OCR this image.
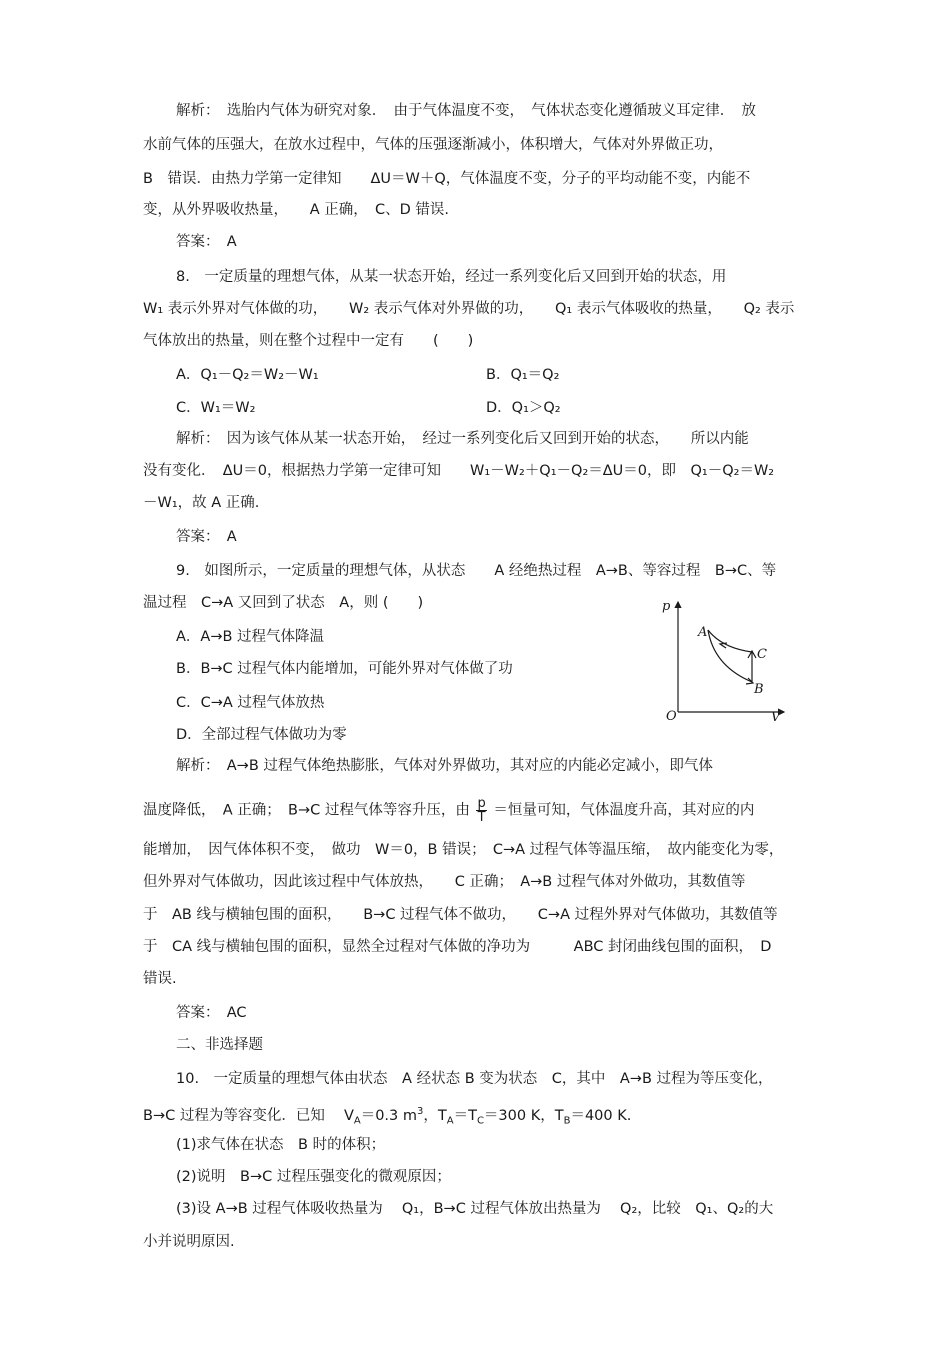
解析：　选胎内气体为研究对象．　由于气体温度不变，　气体状态变化遵循玻义耳定律．　放
水前气体的压强大，在放水过程中，气体的压强逐渐减小，体积增大，气体对外界做正功，
B　错误．由热力学第一定律知　　ΔU＝W＋Q，气体温度不变，分子的平均动能不变，内能不
变，从外界吸收热量，　　A 正确，　C、D 错误.
答案：　A
8.　一定质量的理想气体，从某一状态开始，经过一系列变化后又回到开始的状态，用
W₁ 表示外界对气体做的功，　　W₂ 表示气体对外界做的功，　　Q₁ 表示气体吸收的热量，　　Q₂ 表示
气体放出的热量，则在整个过程中一定有　　(　　)
A．Q₁－Q₂＝W₂－W₁	B．Q₁＝Q₂
C．W₁＝W₂	D．Q₁＞Q₂
解析：　因为该气体从某一状态开始，　经过一系列变化后又回到开始的状态，　　所以内能
没有变化．　ΔU＝0，根据热力学第一定律可知　　W₁－W₂＋Q₁－Q₂＝ΔU＝0，即　Q₁－Q₂＝W₂
－W₁，故 A 正确.
答案：　A
9.　如图所示，一定质量的理想气体，从状态　　A 经绝热过程　A→B、等容过程　B→C、等
温过程　C→A 又回到了状态　A，则 (　　)
A．A→B 过程气体降温
B．B→C 过程气体内能增加，可能外界对气体做了功
C．C→A 过程气体放热
D．全部过程气体做功为零
p
V
O
A
B
C
解析：　A→B 过程气体绝热膨胀，气体对外界做功，其对应的内能必定减小，即气体
温度降低，　A 正确；　B→C 过程气体等容升压，由 $\frac{p}{T}$ ＝恒量可知，气体温度升高，其对应的内
能增加，　因气体体积不变，　做功　W＝0，B 错误；　C→A 过程气体等温压缩，　故内能变化为零，
但外界对气体做功，因此该过程中气体放热，　　C 正确；　A→B 过程气体对外做功，其数值等
于　AB 线与横轴包围的面积，　　B→C 过程气体不做功，　　C→A 过程外界对气体做功，其数值等
于　CA 线与横轴包围的面积，显然全过程对气体做的净功为　　　ABC 封闭曲线包围的面积，　D
错误.
答案：　AC
二、非选择题
10.　一定质量的理想气体由状态　A 经状态 B 变为状态　C，其中　A→B 过程为等压变化，
B→C 过程为等容变化．已知　 $V_A=0.3$ $m^3$，$T_A=T_C=300$ K，$T_B=400$ K.
(1)求气体在状态　B 时的体积；
(2)说明　B→C 过程压强变化的微观原因；
(3)设 A→B 过程气体吸收热量为　 Q₁，B→C 过程气体放出热量为　 Q₂，比较　Q₁、Q₂的大
小并说明原因.
